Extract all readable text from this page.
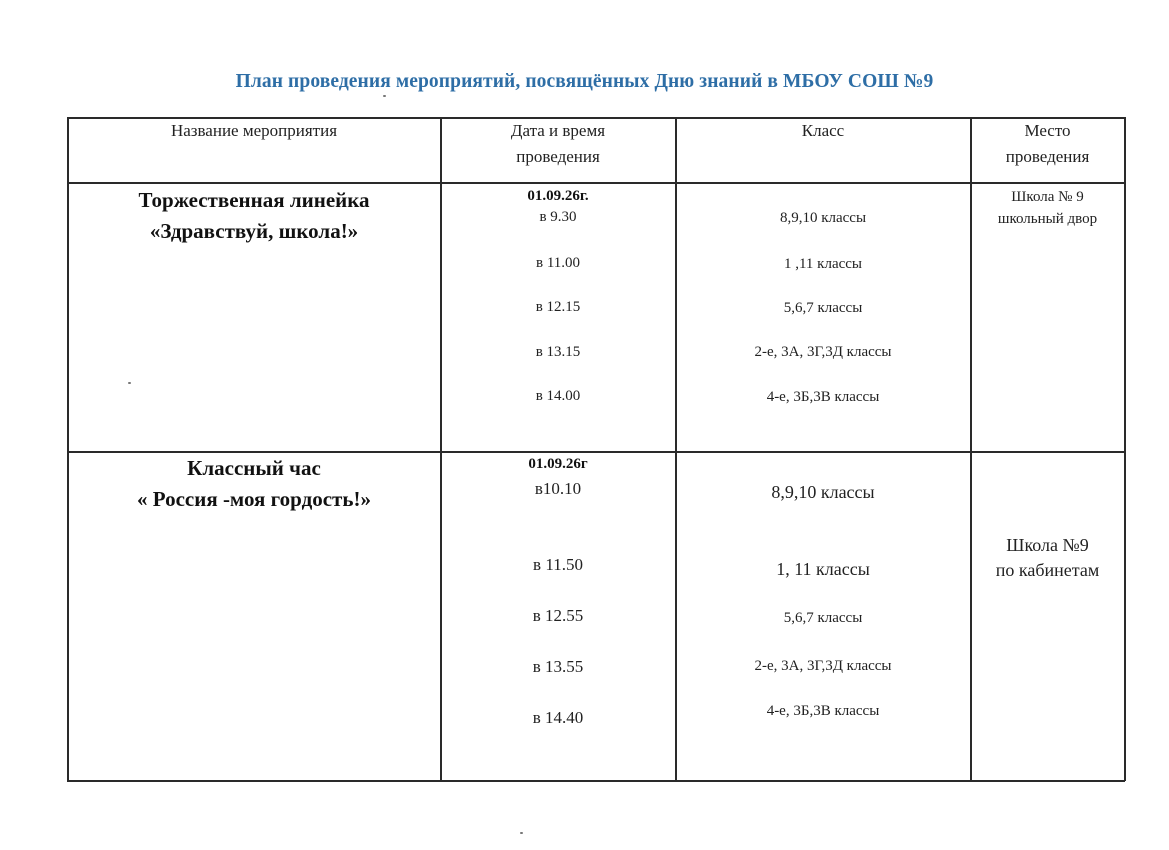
План проведения мероприятий, посвящённых Дню знаний в МБОУ СОШ №9
Название мероприятия	Дата и время
проведения
Класс	Место
проведения
Торжественная линейка
«Здравствуй, школа!»
01.09.26г.
в 9.30
в 11.00
в 12.15
в 13.15
в 14.00
8,9,10 классы
1 ,11 классы
5,6,7 классы
2-е, 3А, 3Г,3Д классы
4-е, 3Б,3В классы
Школа № 9
школьный двор
Классный час
« Россия -моя гордость!»
01.09.26г
в10.10
в 11.50
в 12.55
в 13.55
в 14.40
8,9,10 классы
1, 11 классы
5,6,7 классы
2-е, 3А, 3Г,3Д классы
4-е, 3Б,3В классы
Школа №9
по кабинетам
